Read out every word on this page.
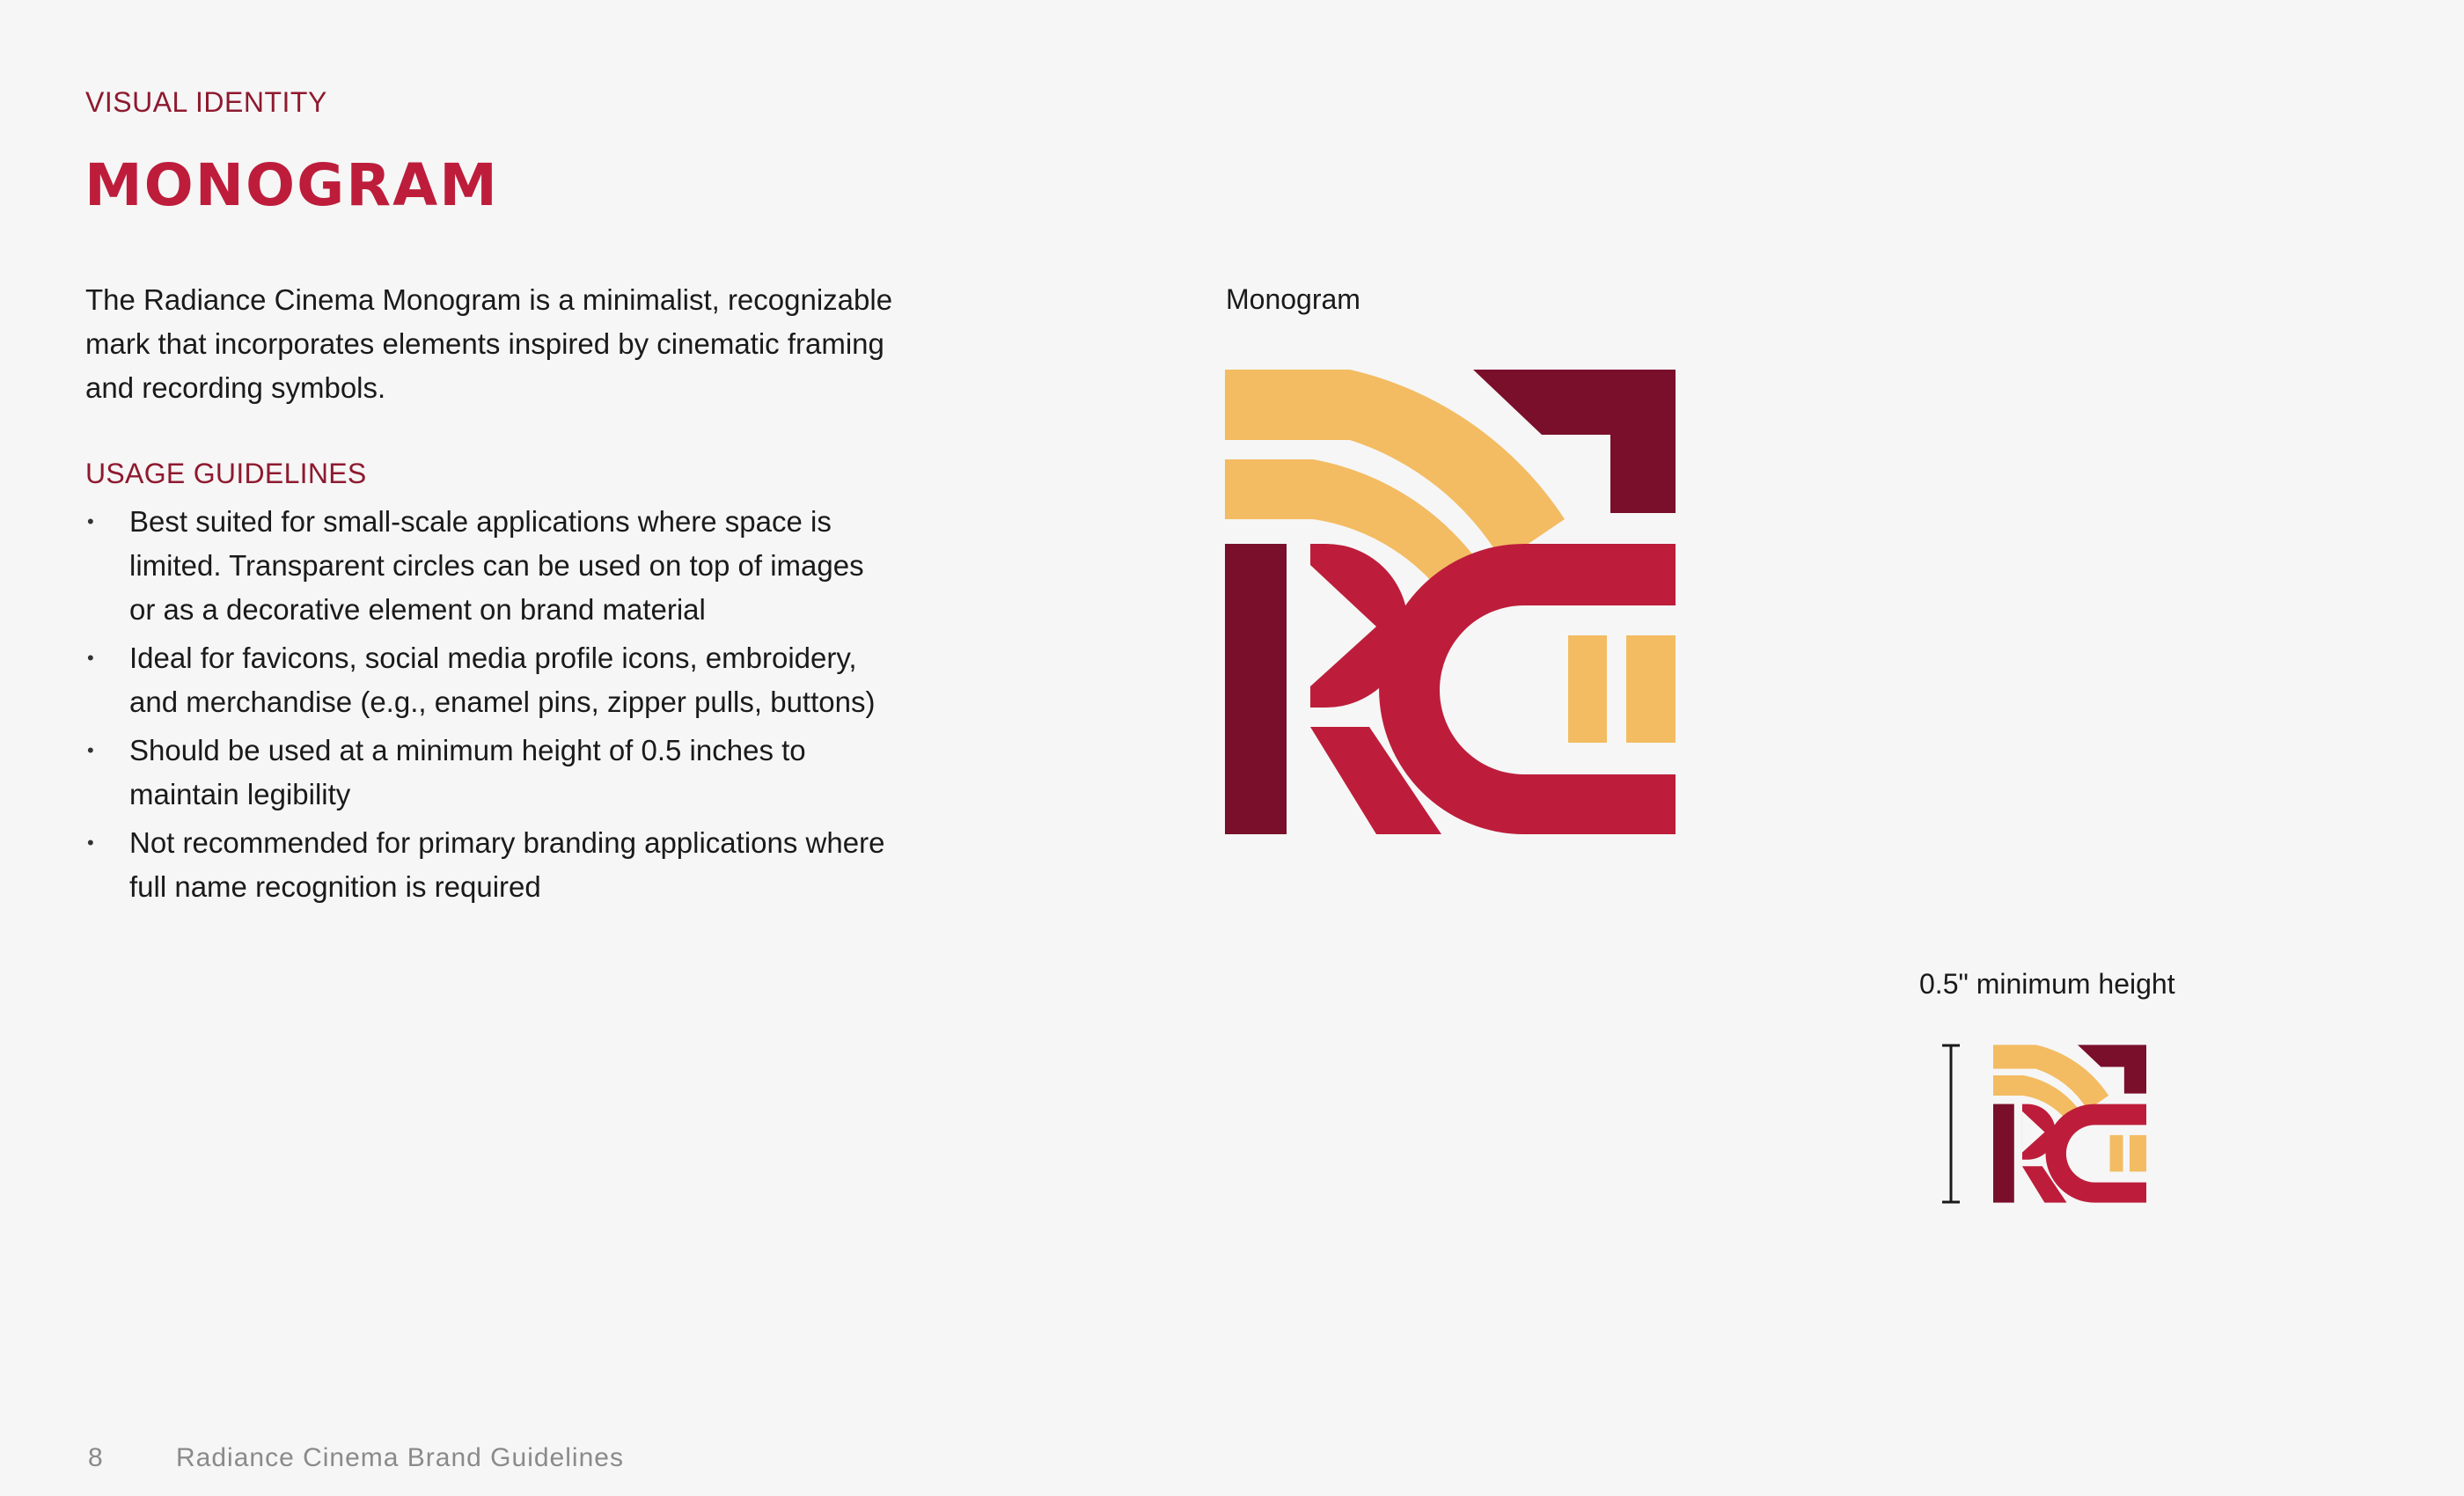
VISUAL IDENTITY

MONOGRAM

The Radiance Cinema Monogram is a minimalist, recognizable mark that incorporates elements inspired by cinematic framing and recording symbols.

USAGE GUIDELINES
• Best suited for small-scale applications where space is limited. Transparent circles can be used on top of images or as a decorative element on brand material
• Ideal for favicons, social media profile icons, embroidery, and merchandise (e.g., enamel pins, zipper pulls, buttons)
• Should be used at a minimum height of 0.5 inches to maintain legibility
• Not recommended for primary branding applications where full name recognition is required

Monogram

0.5" minimum height

8	Radiance Cinema Brand Guidelines
